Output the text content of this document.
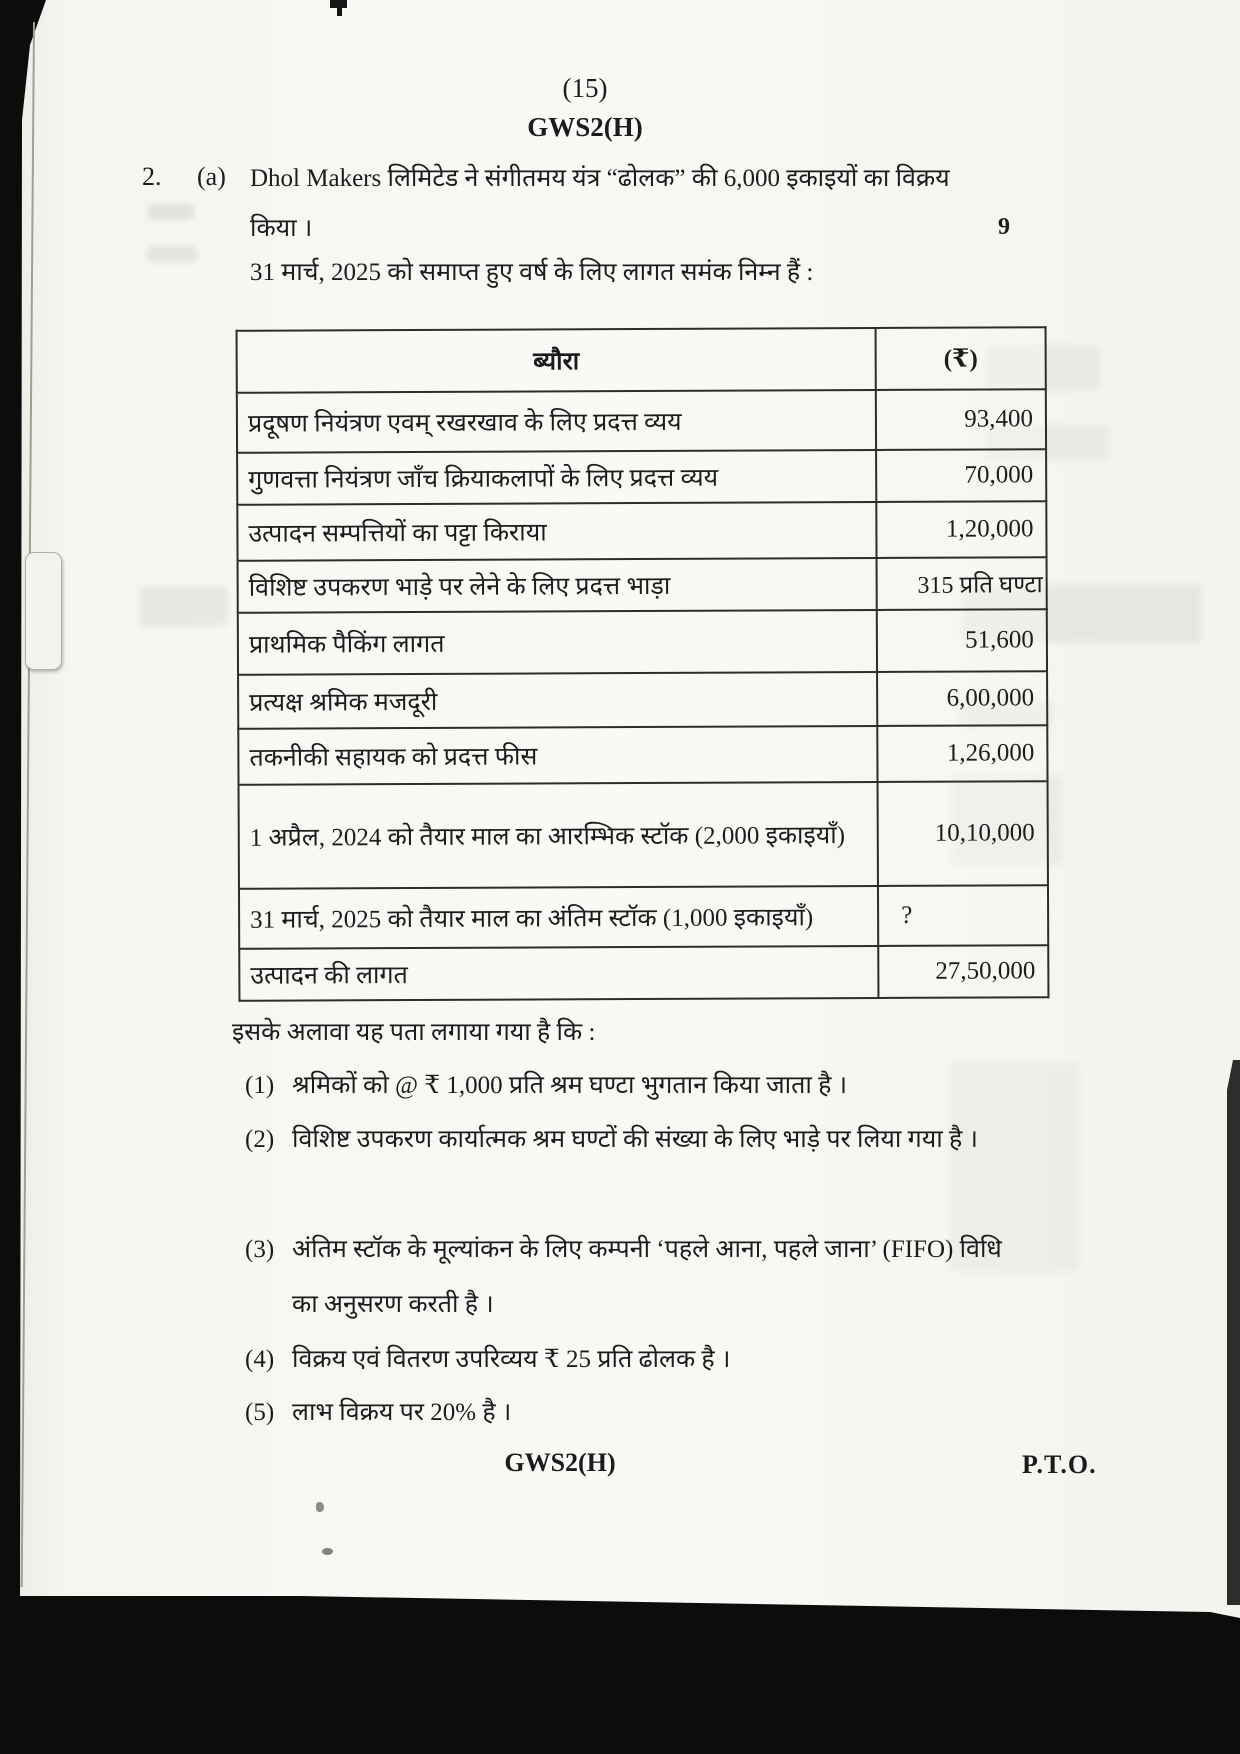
(15)
GWS2(H)
2. (a) Dhol Makers लिमिटेड ने संगीतमय यंत्र “ढोलक” की 6,000 इकाइयों का विक्रय
किया ।	9
31 मार्च, 2025 को समाप्त हुए वर्ष के लिए लागत समंक निम्न हैं :
ब्यौरा	(₹)
प्रदूषण नियंत्रण एवम् रखरखाव के लिए प्रदत्त व्यय	93,400
गुणवत्ता नियंत्रण जाँच क्रियाकलापों के लिए प्रदत्त व्यय	70,000
उत्पादन सम्पत्तियों का पट्टा किराया	1,20,000
विशिष्ट उपकरण भाड़े पर लेने के लिए प्रदत्त भाड़ा	315 प्रति घण्टा
प्राथमिक पैकिंग लागत	51,600
प्रत्यक्ष श्रमिक मजदूरी	6,00,000
तकनीकी सहायक को प्रदत्त फीस	1,26,000
1 अप्रैल, 2024 को तैयार माल का आरम्भिक स्टॉक (2,000 इकाइयाँ)	10,10,000
31 मार्च, 2025 को तैयार माल का अंतिम स्टॉक (1,000 इकाइयाँ)	?
उत्पादन की लागत	27,50,000
इसके अलावा यह पता लगाया गया है कि :
(1) श्रमिकों को @ ₹ 1,000 प्रति श्रम घण्टा भुगतान किया जाता है ।
(2) विशिष्ट उपकरण कार्यात्मक श्रम घण्टों की संख्या के लिए भाड़े पर लिया गया है ।
(3) अंतिम स्टॉक के मूल्यांकन के लिए कम्पनी ‘पहले आना, पहले जाना’ (FIFO) विधि का अनुसरण करती है ।
(4) विक्रय एवं वितरण उपरिव्यय ₹ 25 प्रति ढोलक है ।
(5) लाभ विक्रय पर 20% है ।
GWS2(H)	P.T.O.
